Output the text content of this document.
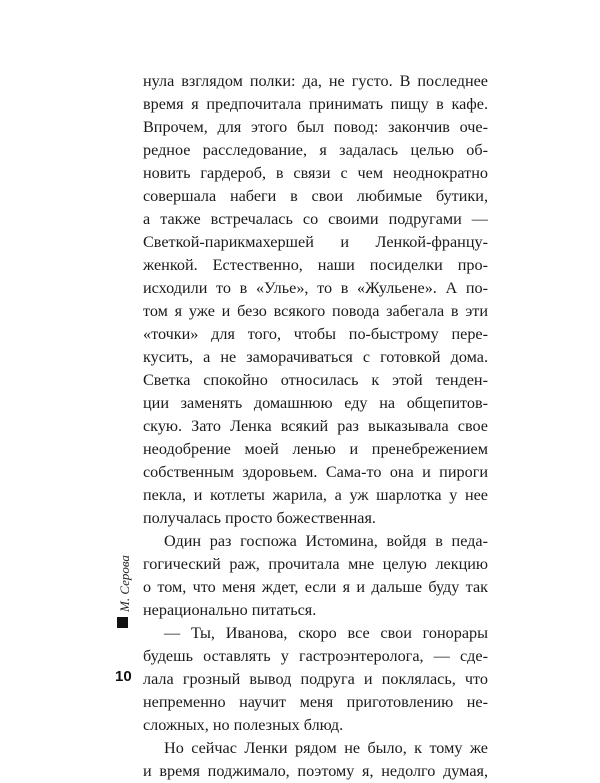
нула взглядом полки: да, не густо. В последнее
время я предпочитала принимать пищу в кафе.
Впрочем, для этого был повод: закончив оче-
редное расследование, я задалась целью об-
новить гардероб, в связи с чем неоднократно
совершала набеги в свои любимые бутики,
а также встречалась со своими подругами —
Светкой-парикмахершей и Ленкой-францу-
женкой. Естественно, наши посиделки про-
исходили то в «Улье», то в «Жульене». А по-
том я уже и безо всякого повода забегала в эти
«точки» для того, чтобы по-быстрому пере-
кусить, а не заморачиваться с готовкой дома.
Светка спокойно относилась к этой тенден-
ции заменять домашнюю еду на общепитов-
скую. Зато Ленка всякий раз выказывала свое
неодобрение моей ленью и пренебрежением
собственным здоровьем. Сама-то она и пироги
пекла, и котлеты жарила, а уж шарлотка у нее
получалась просто божественная.
Один раз госпожа Истомина, войдя в педа-
гогический раж, прочитала мне целую лекцию
о том, что меня ждет, если я и дальше буду так
нерационально питаться.
— Ты, Иванова, скоро все свои гонорары
будешь оставлять у гастроэнтеролога, — сде-
лала грозный вывод подруга и поклялась, что
непременно научит меня приготовлению не-
сложных, но полезных блюд.
Но сейчас Ленки рядом не было, к тому же
и время поджимало, поэтому я, недолго думая,
М. Серова
10
